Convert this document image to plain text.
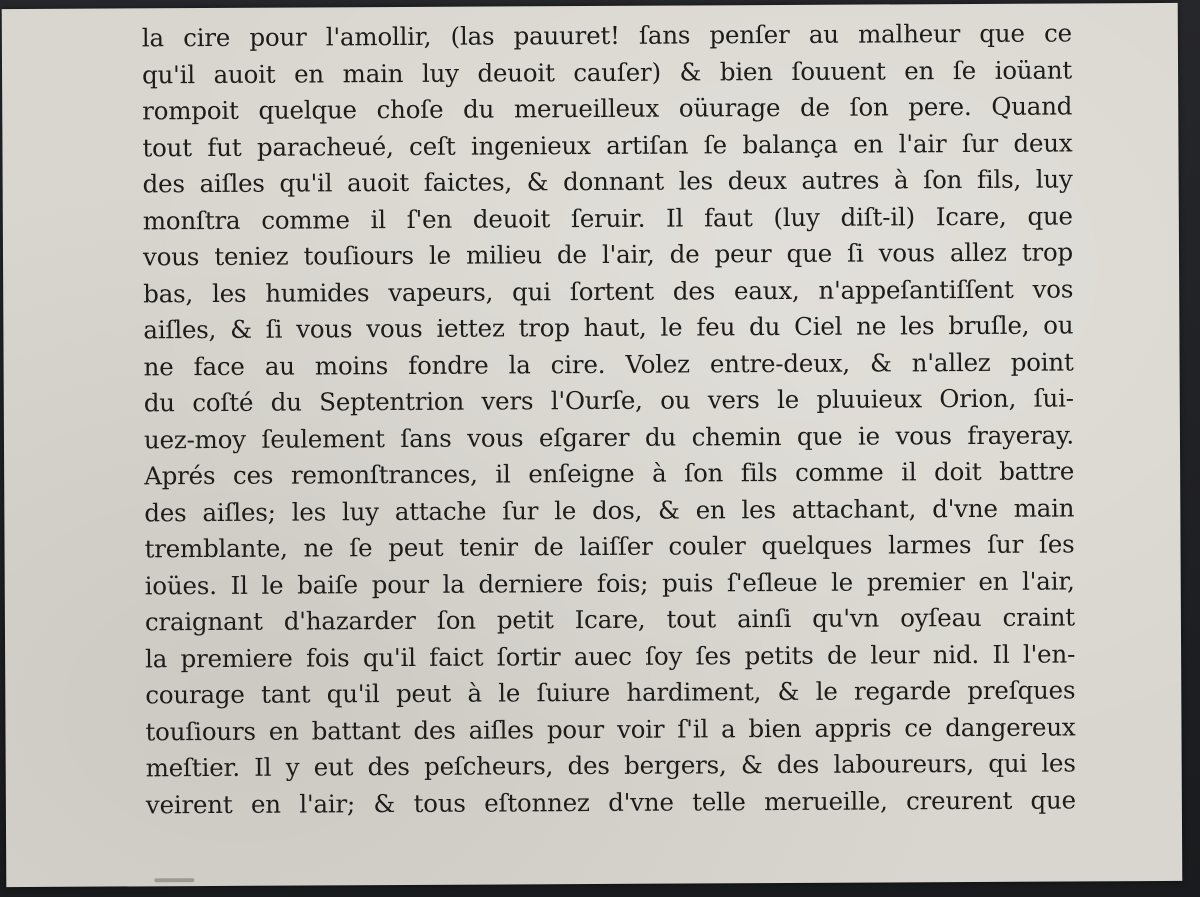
la cire pour l'amollir, (las pauuret! ſans penſer au malheur que ce
qu'il auoit en main luy deuoit cauſer) & bien ſouuent en ſe ioüant
rompoit quelque choſe du merueilleux oüurage de ſon pere. Quand
tout fut paracheué, ceſt ingenieux artiſan ſe balança en l'air ſur deux
des aiſles qu'il auoit faictes, & donnant les deux autres à ſon fils, luy
monſtra comme il ſ'en deuoit ſeruir. Il faut (luy diſt-il) Icare, que
vous teniez touſiours le milieu de l'air, de peur que ſi vous allez trop
bas, les humides vapeurs, qui ſortent des eaux, n'appeſantiſſent vos
aiſles, & ſi vous vous iettez trop haut, le feu du Ciel ne les bruſle, ou
ne face au moins fondre la cire. Volez entre-deux, & n'allez point
du coſté du Septentrion vers l'Ourſe, ou vers le pluuieux Orion, ſui-
uez-moy ſeulement ſans vous eſgarer du chemin que ie vous frayeray.
Aprés ces remonſtrances, il enſeigne à ſon fils comme il doit battre
des aiſles; les luy attache ſur le dos, & en les attachant, d'vne main
tremblante, ne ſe peut tenir de laiſſer couler quelques larmes ſur ſes
ioües. Il le baiſe pour la derniere fois; puis ſ'eſleue le premier en l'air,
craignant d'hazarder ſon petit Icare, tout ainſi qu'vn oyſeau craint
la premiere fois qu'il faict ſortir auec ſoy ſes petits de leur nid. Il l'en-
courage tant qu'il peut à le ſuiure hardiment, & le regarde preſques
touſiours en battant des aiſles pour voir ſ'il a bien appris ce dangereux
meſtier. Il y eut des peſcheurs, des bergers, & des laboureurs, qui les
veirent en l'air; & tous eſtonnez d'vne telle merueille, creurent que
